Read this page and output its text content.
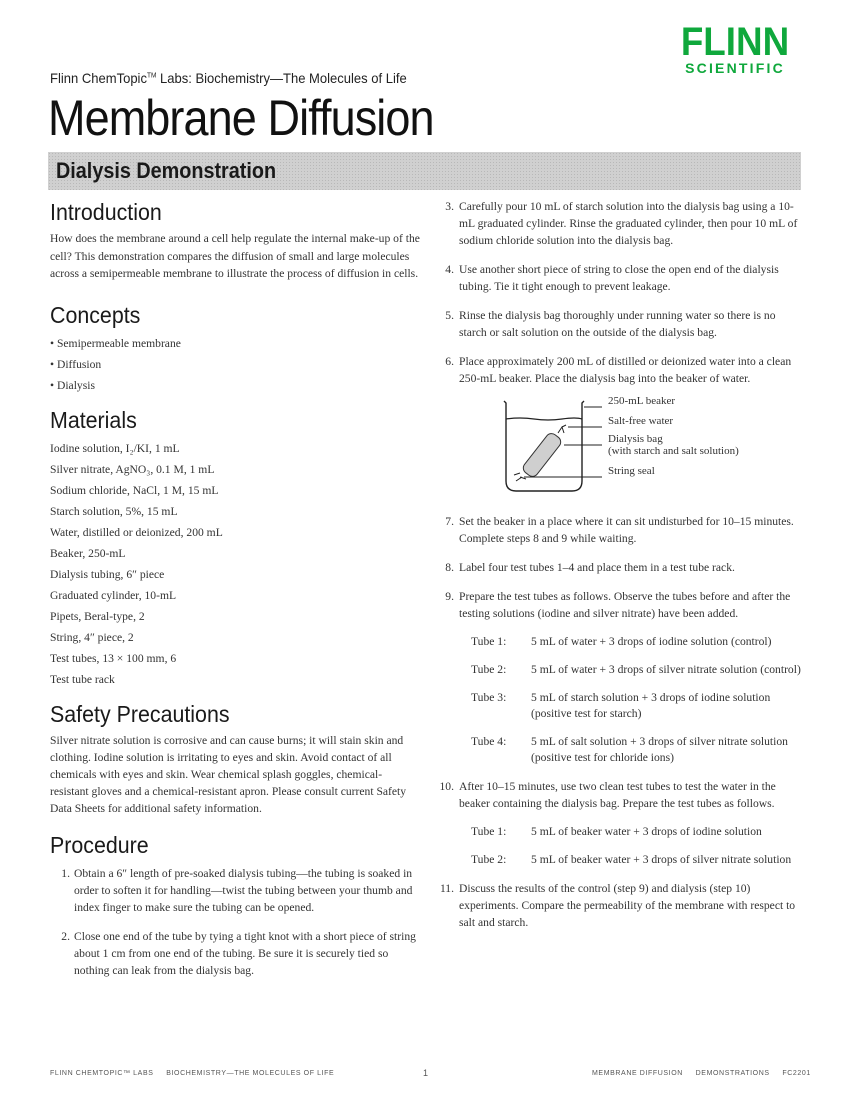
FLINN
SCIENTIFIC
Flinn ChemTopic™ Labs: Biochemistry—The Molecules of Life
Membrane Diffusion
Dialysis Demonstration
Introduction

How does the membrane around a cell help regulate the internal make-up of the cell? This demonstration compares the diffusion of small and large molecules across a semipermeable membrane to illustrate the process of diffusion in cells.

Concepts
• Semipermeable membrane
• Diffusion
• Dialysis
Materials
Iodine solution, I₂/KI, 1 mL
Silver nitrate, AgNO₃, 0.1 M, 1 mL
Sodium chloride, NaCl, 1 M, 15 mL
Starch solution, 5%, 15 mL
Water, distilled or deionized, 200 mL
Beaker, 250-mL
Dialysis tubing, 6″ piece
Graduated cylinder, 10-mL
Pipets, Beral-type, 2
String, 4″ piece, 2
Test tubes, 13 × 100 mm, 6
Test tube rack
Safety Precautions

Silver nitrate solution is corrosive and can cause burns; it will stain skin and clothing. Iodine solution is irritating to eyes and skin. Avoid contact of all chemicals with eyes and skin. Wear chemical splash goggles, chemical-resistant gloves and a chemical-resistant apron. Please consult current Safety Data Sheets for additional safety information.

Procedure
1. Obtain a 6″ length of pre-soaked dialysis tubing—the tubing is soaked in order to soften it for handling—twist the tubing between your thumb and index finger to make sure the tubing can be opened.
2. Close one end of the tube by tying a tight knot with a short piece of string about 1 cm from one end of the tubing. Be sure it is securely tied so nothing can leak from the dialysis bag.
3. Carefully pour 10 mL of starch solution into the dialysis bag using a 10-mL graduated cylinder. Rinse the graduated cylinder, then pour 10 mL of sodium chloride solution into the dialysis bag.
4. Use another short piece of string to close the open end of the dialysis tubing. Tie it tight enough to prevent leakage.
5. Rinse the dialysis bag thoroughly under running water so there is no starch or salt solution on the outside of the dialysis bag.
6. Place approximately 200 mL of distilled or deionized water into a clean 250-mL beaker. Place the dialysis bag into the beaker of water.
250-mL beaker
Salt-free water
Dialysis bag
(with starch and salt solution)
String seal
7. Set the beaker in a place where it can sit undisturbed for 10–15 minutes. Complete steps 8 and 9 while waiting.
8. Label four test tubes 1–4 and place them in a test tube rack.
9. Prepare the test tubes as follows. Observe the tubes before and after the testing solutions (iodine and silver nitrate) have been added.
Tube 1: 5 mL of water + 3 drops of iodine solution (control)
Tube 2: 5 mL of water + 3 drops of silver nitrate solution (control)
Tube 3: 5 mL of starch solution + 3 drops of iodine solution (positive test for starch)
Tube 4: 5 mL of salt solution + 3 drops of silver nitrate solution (positive test for chloride ions)
10. After 10–15 minutes, use two clean test tubes to test the water in the beaker containing the dialysis bag. Prepare the test tubes as follows.
Tube 1: 5 mL of beaker water + 3 drops of iodine solution
Tube 2: 5 mL of beaker water + 3 drops of silver nitrate solution
11. Discuss the results of the control (step 9) and dialysis (step 10) experiments. Compare the permeability of the membrane with respect to salt and starch.
FLINN CHEMTOPIC™ LABS BIOCHEMISTRY—THE MOLECULES OF LIFE	1	MEMBRANE DIFFUSION DEMONSTRATIONS FC2201
